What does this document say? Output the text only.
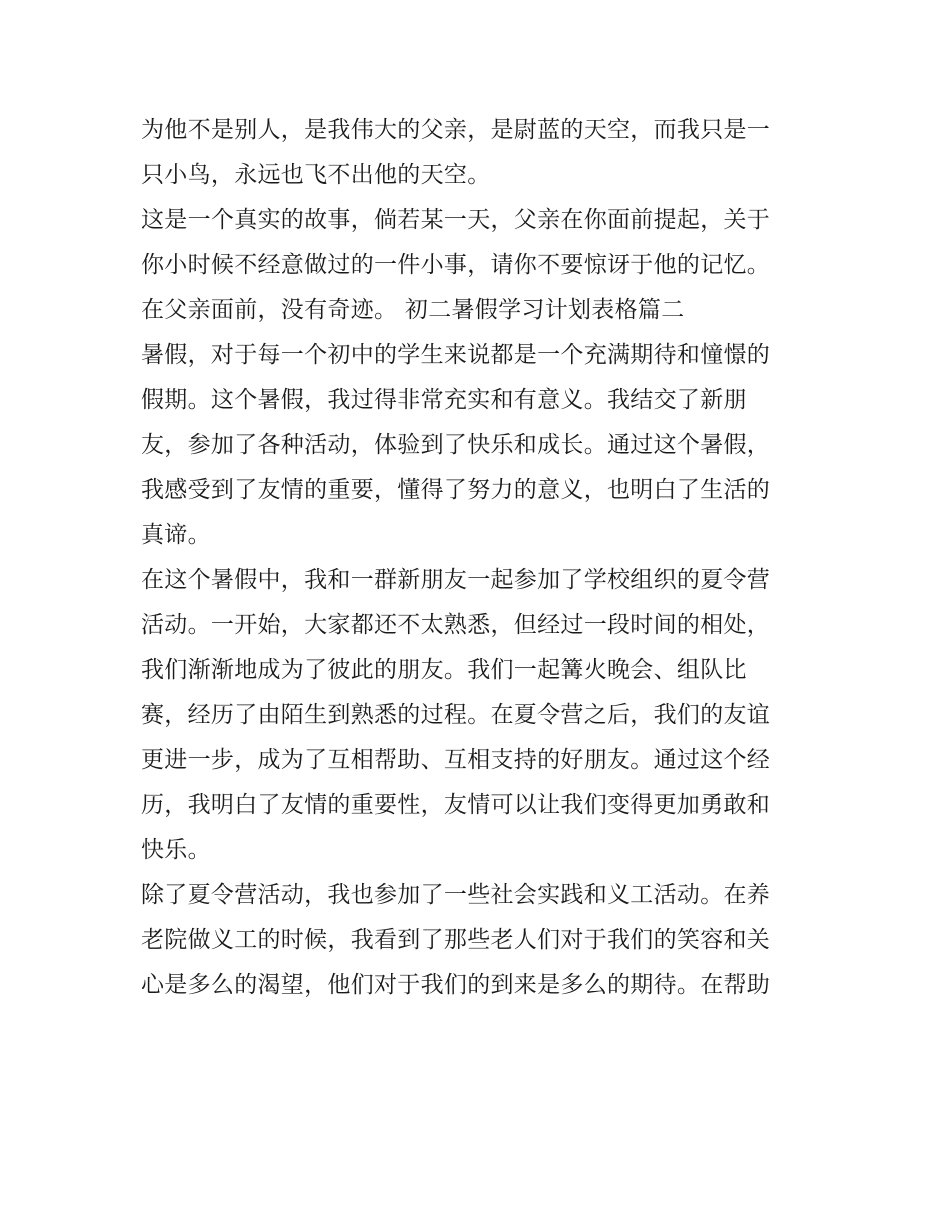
为他不是别人，是我伟大的父亲，是尉蓝的天空，而我只是一
只小鸟，永远也飞不出他的天空。
这是一个真实的故事，倘若某一天，父亲在你面前提起，关于
你小时候不经意做过的一件小事，请你不要惊讶于他的记忆。
在父亲面前，没有奇迹。 初二暑假学习计划表格篇二
暑假，对于每一个初中的学生来说都是一个充满期待和憧憬的
假期。这个暑假，我过得非常充实和有意义。我结交了新朋
友，参加了各种活动，体验到了快乐和成长。通过这个暑假，
我感受到了友情的重要，懂得了努力的意义，也明白了生活的
真谛。
在这个暑假中，我和一群新朋友一起参加了学校组织的夏令营
活动。一开始，大家都还不太熟悉，但经过一段时间的相处，
我们渐渐地成为了彼此的朋友。我们一起篝火晚会、组队比
赛，经历了由陌生到熟悉的过程。在夏令营之后，我们的友谊
更进一步，成为了互相帮助、互相支持的好朋友。通过这个经
历，我明白了友情的重要性，友情可以让我们变得更加勇敢和
快乐。
除了夏令营活动，我也参加了一些社会实践和义工活动。在养
老院做义工的时候，我看到了那些老人们对于我们的笑容和关
心是多么的渴望，他们对于我们的到来是多么的期待。在帮助
